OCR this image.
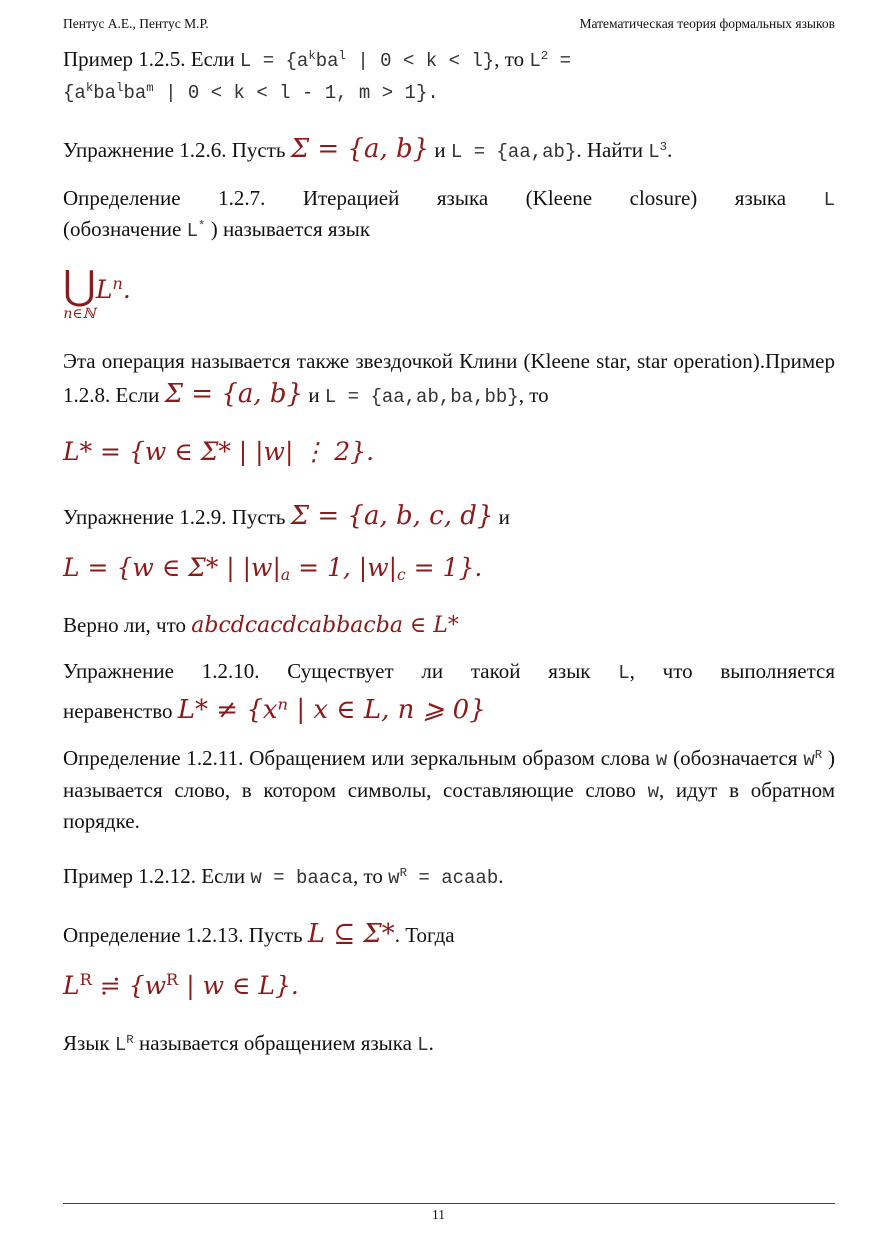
Пентус А.Е., Пентус М.Р.	Математическая теория формальных языков

Пример 1.2.5. Если $L = \{a^kba^l$ | 0 < k < l}, то $L^2$ =
{$a^kba^lba^m$ | 0 < k < l - 1, m > 1}.

Упражнение 1.2.6. Пусть Σ = {a, b} и L = {aa,ab}. Найти $L^3$.

Определение 1.2.7. Итерацией языка (Kleene closure) языка L

(обозначение L* ) называется язык

⋃
n∈ℕ
$L^n$.

Эта операция называется также звездочкой Клини (Kleene star, star operation).Пример 1.2.8. Если Σ = {a, b} и L = {aa,ab,ba,bb}, то

L* = {w ∈ Σ* | |w| ⋮ 2}.

Упражнение 1.2.9. Пусть Σ = {a, b, c, d} и

L = {w ∈ Σ* | $|w|_a = 1$, $|w|_c = 1$}.

Верно ли, что abcdcacdcabbacba ∈ L*

Упражнение 1.2.10. Существует ли такой язык L, что выполняется

неравенство L* ≠ {xⁿ | x ∈ L, n ⩾ 0}

Определение 1.2.11. Обращением или зеркальным образом слова w (обозначается $w^R$ ) называется слово, в котором символы, составляющие слово w, идут в обратном порядке.

Пример 1.2.12. Если w = baaca, то $w^R$ = acaab.

Определение 1.2.13. Пусть L ⊆ Σ*. Тогда

$L^R$ ≓ {$w^R$ | w ∈ L}.

Язык $L^R$ называется обращением языка L.

11
